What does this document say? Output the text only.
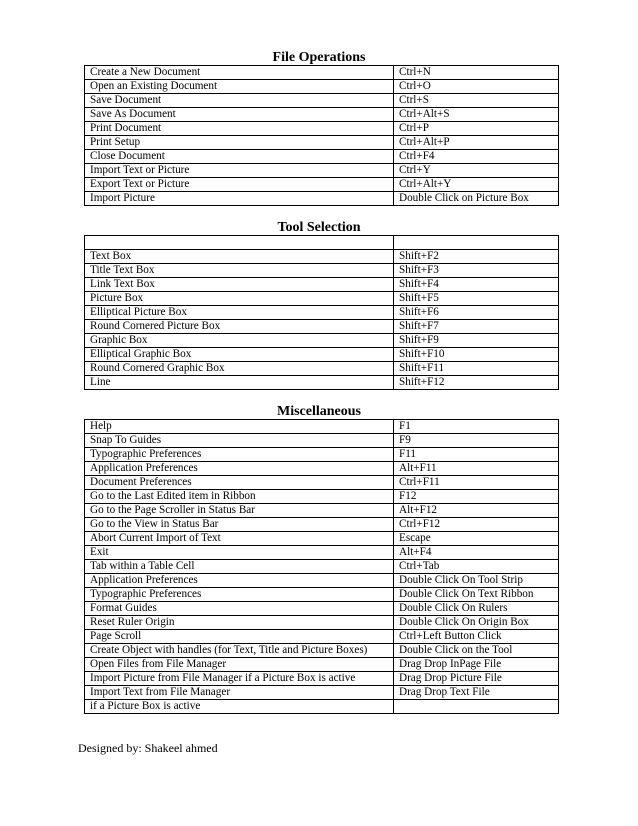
File Operations
Create a New Document	Ctrl+N
Open an Existing Document	Ctrl+O
Save Document	Ctrl+S
Save As Document	Ctrl+Alt+S
Print Document	Ctrl+P
Print Setup	Ctrl+Alt+P
Close Document	Ctrl+F4
Import Text or Picture	Ctrl+Y
Export Text or Picture	Ctrl+Alt+Y
Import Picture	Double Click on Picture Box
Tool Selection

Text Box	Shift+F2
Title Text Box	Shift+F3
Link Text Box	Shift+F4
Picture Box	Shift+F5
Elliptical Picture Box	Shift+F6
Round Cornered Picture Box	Shift+F7
Graphic Box	Shift+F9
Elliptical Graphic Box	Shift+F10
Round Cornered Graphic Box	Shift+F11
Line	Shift+F12
Miscellaneous
Help	F1
Snap To Guides	F9
Typographic Preferences	F11
Application Preferences	Alt+F11
Document Preferences	Ctrl+F11
Go to the Last Edited item in Ribbon	F12
Go to the Page Scroller in Status Bar	Alt+F12
Go to the View in Status Bar	Ctrl+F12
Abort Current Import of Text	Escape
Exit	Alt+F4
Tab within a Table Cell	Ctrl+Tab
Application Preferences	Double Click On Tool Strip
Typographic Preferences	Double Click On Text Ribbon
Format Guides	Double Click On Rulers
Reset Ruler Origin	Double Click On Origin Box
Page Scroll	Ctrl+Left Button Click
Create Object with handles (for Text, Title and Picture Boxes)	Double Click on the Tool
Open Files from File Manager	Drag Drop InPage File
Import Picture from File Manager if a Picture Box is active	Drag Drop Picture File
Import Text from File Manager	Drag Drop Text File
if a Picture Box is active	
Designed by: Shakeel ahmed
